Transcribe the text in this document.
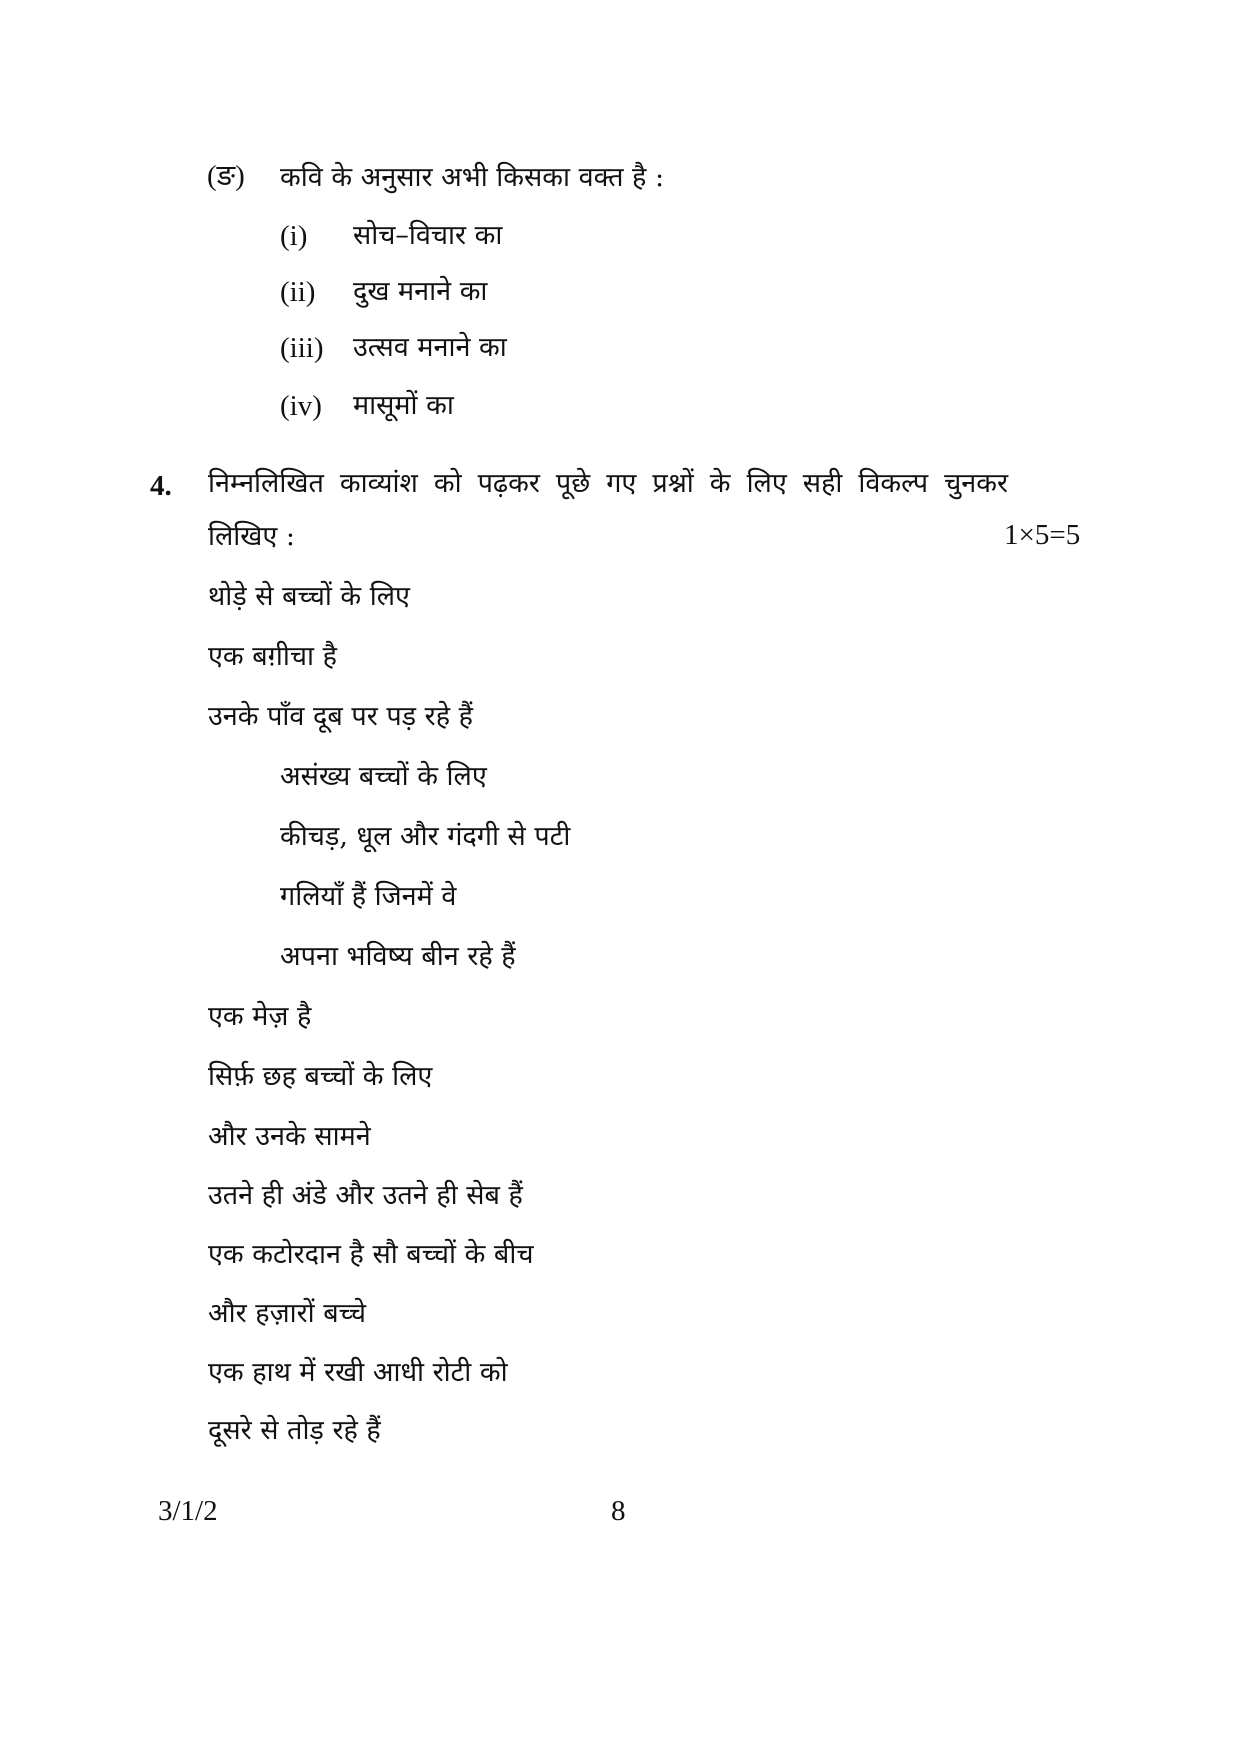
(ङ) कवि के अनुसार अभी किसका वक्त है :
(i) सोच–विचार का
(ii) दुख मनाने का
(iii) उत्सव मनाने का
(iv) मासूमों का
4. निम्नलिखित काव्यांश को पढ़कर पूछे गए प्रश्नों के लिए सही विकल्प चुनकर
लिखिए :	1×5=5
थोड़े से बच्चों के लिए
एक बग़ीचा है
उनके पाँव दूब पर पड़ रहे हैं
असंख्य बच्चों के लिए
कीचड़, धूल और गंदगी से पटी
गलियाँ हैं जिनमें वे
अपना भविष्य बीन रहे हैं
एक मेज़ है
सिर्फ़ छह बच्चों के लिए
और उनके सामने
उतने ही अंडे और उतने ही सेब हैं
एक कटोरदान है सौ बच्चों के बीच
और हज़ारों बच्चे
एक हाथ में रखी आधी रोटी को
दूसरे से तोड़ रहे हैं
3/1/2	8
